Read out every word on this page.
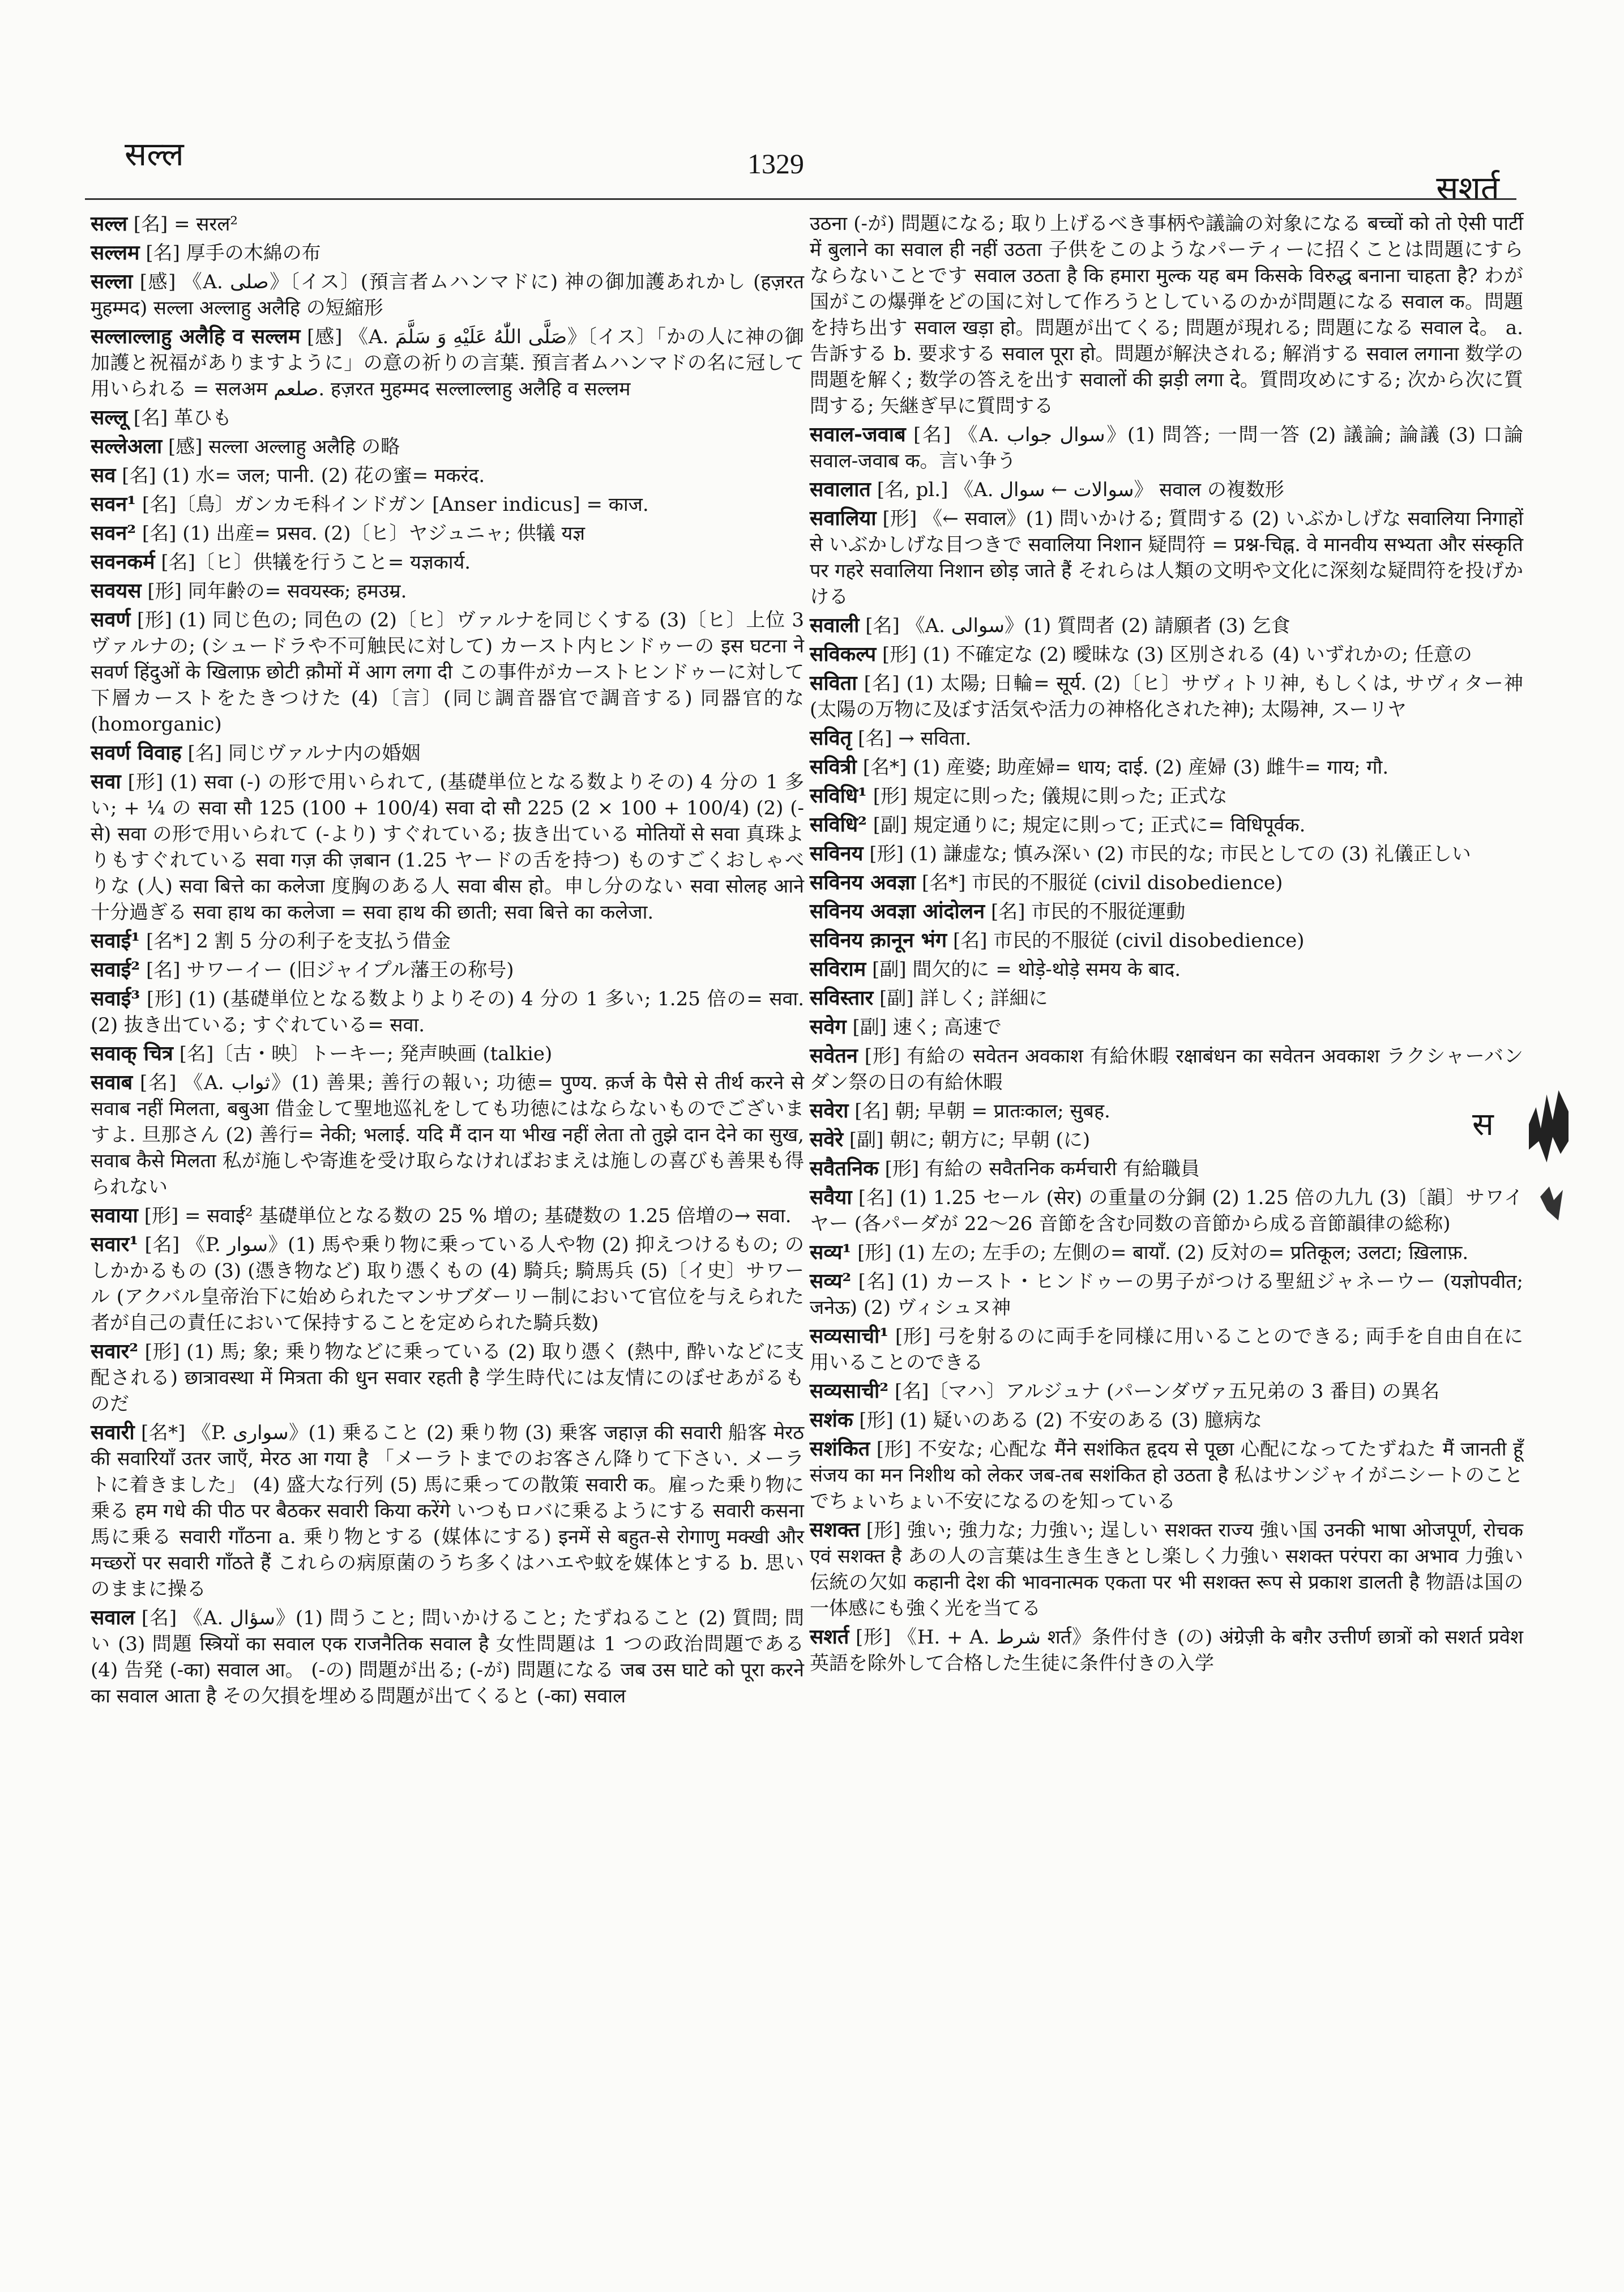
सल्ल	1329
सशर्त
सल्ल [名] = सरल²
सल्लम [名] 厚手の木綿の布
सल्ला [感] 《A. صلى》〔イス〕(預言者ムハンマドに) 神の御加護あれかし (हज़रत मुहम्मद) सल्ला अल्लाहु अलैहि の短縮形
सल्लाल्लाहु अलैहि व सल्लम [感] 《A. صَلَّى اللّٰهُ عَلَيْهِ وَ سَلَّمَ》〔イス〕「かの人に神の御加護と祝福がありますように」の意の祈りの言葉. 預言者ムハンマドの名に冠して用いられる = सलअम صلعم. हज़रत मुहम्मद सल्लाल्लाहु अलैहि व सल्लम
सल्लू [名] 革ひも
सल्लेअला [感] सल्ला अल्लाहु अलैहि の略
सव [名] (1) 水= जल; पानी. (2) 花の蜜= मकरंद.
सवन¹ [名]〔鳥〕ガンカモ科インドガン [Anser indicus] = काज.
सवन² [名] (1) 出産= प्रसव. (2)〔ヒ〕ヤジュニャ; 供犠 यज्ञ
सवनकर्म [名]〔ヒ〕供犠を行うこと= यज्ञकार्य.
सवयस [形] 同年齢の= सवयस्क; हमउम्र.
सवर्ण [形] (1) 同じ色の; 同色の (2)〔ヒ〕ヴァルナを同じくする (3)〔ヒ〕上位 3 ヴァルナの; (シュードラや不可触民に対して) カースト内ヒンドゥーの इस घटना ने सवर्ण हिंदुओं के खिलाफ़ छोटी क़ौमों में आग लगा दी この事件がカーストヒンドゥーに対して下層カーストをたきつけた (4)〔言〕(同じ調音器官で調音する) 同器官的な (homorganic)
सवर्ण विवाह [名] 同じヴァルナ内の婚姻
सवा [形] (1) सवा (-) の形で用いられて, (基礎単位となる数よりその) 4 分の 1 多い; + ¼ の सवा सौ 125 (100 + 100/4) सवा दो सौ 225 (2 × 100 + 100/4) (2) (-से) सवा の形で用いられて (-より) すぐれている; 抜き出ている मोतियों से सवा 真珠よりもすぐれている सवा गज़ की ज़बान (1.25 ヤードの舌を持つ) ものすごくおしゃべりな (人) सवा बित्ते का कलेजा 度胸のある人 सवा बीस हो。申し分のない सवा सोलह आने 十分過ぎる सवा हाथ का कलेजा = सवा हाथ की छाती; सवा बित्ते का कलेजा.
सवाई¹ [名*] 2 割 5 分の利子を支払う借金
सवाई² [名] サワーイー (旧ジャイプル藩王の称号)
सवाई³ [形] (1) (基礎単位となる数よりよりその) 4 分の 1 多い; 1.25 倍の= सवा. (2) 抜き出ている; すぐれている= सवा.
सवाक् चित्र [名]〔古・映〕トーキー; 発声映画 (talkie)
सवाब [名] 《A. ثواب》(1) 善果; 善行の報い; 功徳= पुण्य. क़र्ज के पैसे से तीर्थ करने से सवाब नहीं मिलता, बबुआ 借金して聖地巡礼をしても功徳にはならないものでございますよ. 旦那さん (2) 善行= नेकी; भलाई. यदि मैं दान या भीख नहीं लेता तो तुझे दान देने का सुख, सवाब कैसे मिलता 私が施しや寄進を受け取らなければおまえは施しの喜びも善果も得られない
सवाया [形] = सवाई² 基礎単位となる数の 25 % 増の; 基礎数の 1.25 倍増の→ सवा.
सवार¹ [名] 《P. سوار》(1) 馬や乗り物に乗っている人や物 (2) 抑えつけるもの; のしかかるもの (3) (憑き物など) 取り憑くもの (4) 騎兵; 騎馬兵 (5)〔イ史〕サワール (アクバル皇帝治下に始められたマンサブダーリー制において官位を与えられた者が自己の責任において保持することを定められた騎兵数)
सवार² [形] (1) 馬; 象; 乗り物などに乗っている (2) 取り憑く (熱中, 酔いなどに支配される) छात्रावस्था में मित्रता की धुन सवार रहती है 学生時代には友情にのぼせあがるものだ
सवारी [名*] 《P. سوارى》(1) 乗ること (2) 乗り物 (3) 乗客 जहाज़ की सवारी 船客 मेरठ की सवारियाँ उतर जाएँ, मेरठ आ गया है 「メーラトまでのお客さん降りて下さい. メーラトに着きました」 (4) 盛大な行列 (5) 馬に乗っての散策 सवारी क。雇った乗り物に乗る हम गधे की पीठ पर बैठकर सवारी किया करेंगे いつもロバに乗るようにする सवारी कसना 馬に乗る सवारी गाँठना a. 乗り物とする (媒体にする) इनमें से बहुत-से रोगाणु मक्खी और मच्छरों पर सवारी गाँठते हैं これらの病原菌のうち多くはハエや蚊を媒体とする b. 思いのままに操る
सवाल [名] 《A. سؤال》(1) 問うこと; 問いかけること; たずねること (2) 質問; 問い (3) 問題 स्त्रियों का सवाल एक राजनैतिक सवाल है 女性問題は 1 つの政治問題である (4) 告発 (-का) सवाल आ。 (-の) 問題が出る; (-が) 問題になる जब उस घाटे को पूरा करने का सवाल आता है その欠損を埋める問題が出てくると (-का) सवाल
उठना (-が) 問題になる; 取り上げるべき事柄や議論の対象になる बच्चों को तो ऐसी पार्टी में बुलाने का सवाल ही नहीं उठता 子供をこのようなパーティーに招くことは問題にすらならないことです सवाल उठता है कि हमारा मुल्क यह बम किसके विरुद्ध बनाना चाहता है? わが国がこの爆弾をどの国に対して作ろうとしているのかが問題になる सवाल क。問題を持ち出す सवाल खड़ा हो。問題が出てくる; 問題が現れる; 問題になる सवाल दे。 a. 告訴する b. 要求する सवाल पूरा हो。問題が解決される; 解消する सवाल लगाना 数学の問題を解く; 数学の答えを出す सवालों की झड़ी लगा दे。質問攻めにする; 次から次に質問する; 矢継ぎ早に質問する
सवाल-जवाब [名] 《A. سوال جواب》(1) 問答; 一問一答 (2) 議論; 論議 (3) 口論 सवाल-जवाब क。言い争う
सवालात [名, pl.] 《A. سوالات ← سوال》 सवाल の複数形
सवालिया [形] 《← सवाल》(1) 問いかける; 質問する (2) いぶかしげな सवालिया निगाहों से いぶかしげな目つきで सवालिया निशान 疑問符 = प्रश्न-चिह्न. वे मानवीय सभ्यता और संस्कृति पर गहरे सवालिया निशान छोड़ जाते हैं それらは人類の文明や文化に深刻な疑問符を投げかける
सवाली [名] 《A. سوالى》(1) 質問者 (2) 請願者 (3) 乞食
सविकल्प [形] (1) 不確定な (2) 曖昧な (3) 区別される (4) いずれかの; 任意の
सविता [名] (1) 太陽; 日輪= सूर्य. (2)〔ヒ〕サヴィトリ神, もしくは, サヴィター神 (太陽の万物に及ぼす活気や活力の神格化された神); 太陽神, スーリヤ
सवितृ [名] → सविता.
सवित्री [名*] (1) 産婆; 助産婦= धाय; दाई. (2) 産婦 (3) 雌牛= गाय; गौ.
सविधि¹ [形] 規定に則った; 儀規に則った; 正式な
सविधि² [副] 規定通りに; 規定に則って; 正式に= विधिपूर्वक.
सविनय [形] (1) 謙虚な; 慎み深い (2) 市民的な; 市民としての (3) 礼儀正しい
सविनय अवज्ञा [名*] 市民的不服従 (civil disobedience)
सविनय अवज्ञा आंदोलन [名] 市民的不服従運動
सविनय क़ानून भंग [名] 市民的不服従 (civil disobedience)
सविराम [副] 間欠的に = थोड़े-थोड़े समय के बाद.
सविस्तार [副] 詳しく; 詳細に
सवेग [副] 速く; 高速で
सवेतन [形] 有給の सवेतन अवकाश 有給休暇 रक्षाबंधन का सवेतन अवकाश ラクシャーバンダン祭の日の有給休暇
सवेरा [名] 朝; 早朝 = प्रातःकाल; सुबह.
सवेरे [副] 朝に; 朝方に; 早朝 (に)
सवैतनिक [形] 有給の सवैतनिक कर्मचारी 有給職員
सवैया [名] (1) 1.25 セール (सेर) の重量の分銅 (2) 1.25 倍の九九 (3)〔韻〕サワイヤー (各パーダが 22〜26 音節を含む同数の音節から成る音節韻律の総称)
सव्य¹ [形] (1) 左の; 左手の; 左側の= बायाँ. (2) 反対の= प्रतिकूल; उलटा; ख़िलाफ़.
सव्य² [名] (1) カースト・ヒンドゥーの男子がつける聖紐ジャネーウー (यज्ञोपवीत; जनेऊ) (2) ヴィシュヌ神
सव्यसाची¹ [形] 弓を射るのに両手を同様に用いることのできる; 両手を自由自在に用いることのできる
सव्यसाची² [名]〔マハ〕アルジュナ (パーンダヴァ五兄弟の 3 番目) の異名
सशंक [形] (1) 疑いのある (2) 不安のある (3) 臆病な
सशंकित [形] 不安な; 心配な मैंने सशंकित हृदय से पूछा 心配になってたずねた मैं जानती हूँ संजय का मन निशीथ को लेकर जब-तब सशंकित हो उठता है 私はサンジャイがニシートのことでちょいちょい不安になるのを知っている
सशक्त [形] 強い; 強力な; 力強い; 逞しい सशक्त राज्य 強い国 उनकी भाषा ओजपूर्ण, रोचक एवं सशक्त है あの人の言葉は生き生きとし楽しく力強い सशक्त परंपरा का अभाव 力強い伝統の欠如 कहानी देश की भावनात्मक एकता पर भी सशक्त रूप से प्रकाश डालती है 物語は国の一体感にも強く光を当てる
सशर्त [形] 《H. + A. شرط शर्त》条件付き (の) अंग्रेज़ी के बग़ैर उत्तीर्ण छात्रों को सशर्त प्रवेश 英語を除外して合格した生徒に条件付きの入学
स
